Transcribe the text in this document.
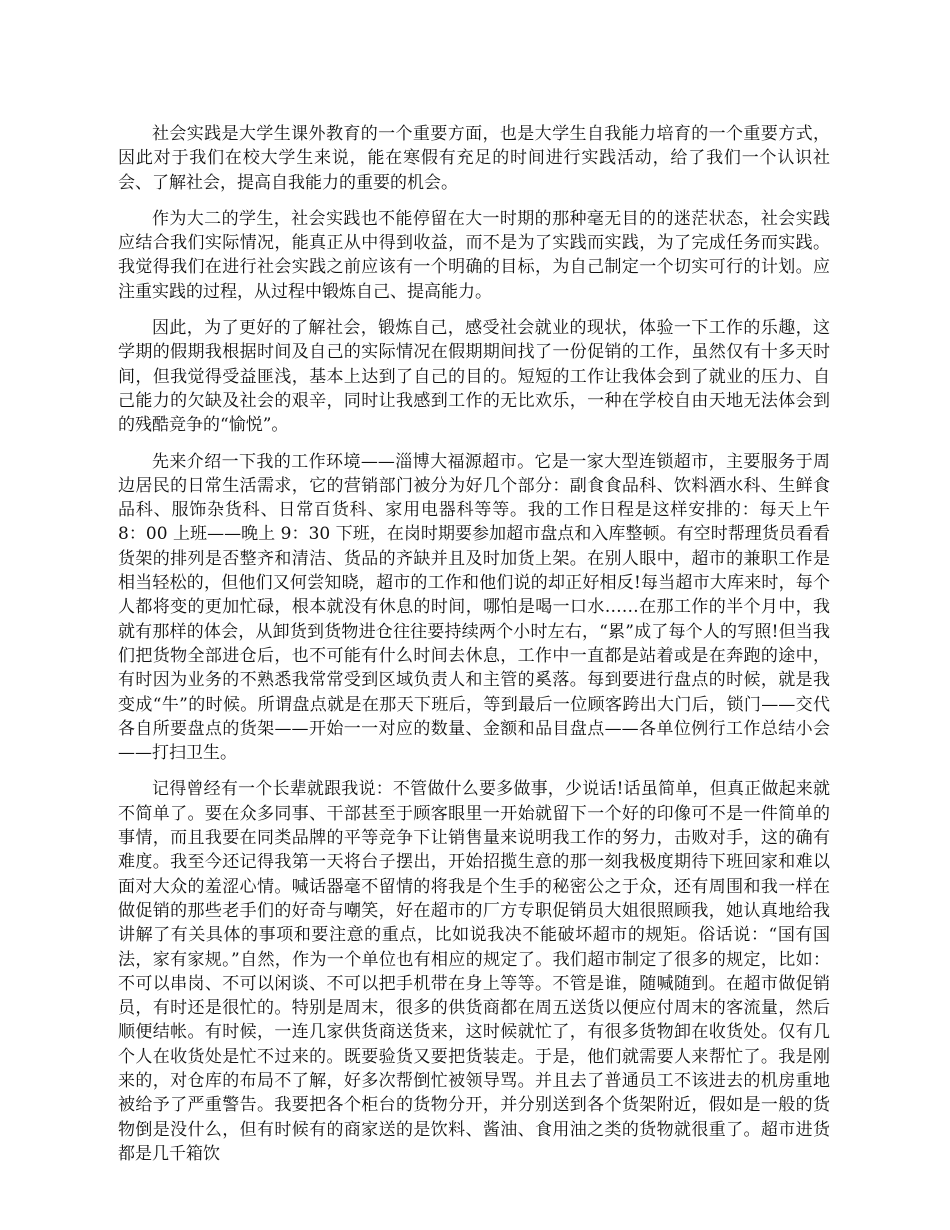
社会实践是大学生课外教育的一个重要方面，也是大学生自我能力培育的一个重要方式，因此对于我们在校大学生来说，能在寒假有充足的时间进行实践活动，给了我们一个认识社会、了解社会，提高自我能力的重要的机会。

作为大二的学生，社会实践也不能停留在大一时期的那种毫无目的的迷茫状态，社会实践应结合我们实际情况，能真正从中得到收益，而不是为了实践而实践，为了完成任务而实践。我觉得我们在进行社会实践之前应该有一个明确的目标，为自己制定一个切实可行的计划。应注重实践的过程，从过程中锻炼自己、提高能力。

因此，为了更好的了解社会，锻炼自己，感受社会就业的现状，体验一下工作的乐趣，这学期的假期我根据时间及自己的实际情况在假期期间找了一份促销的工作，虽然仅有十多天时间，但我觉得受益匪浅，基本上达到了自己的目的。短短的工作让我体会到了就业的压力、自己能力的欠缺及社会的艰辛，同时让我感到工作的无比欢乐，一种在学校自由天地无法体会到的残酷竞争的“愉悦”。

先来介绍一下我的工作环境——淄博大福源超市。它是一家大型连锁超市，主要服务于周边居民的日常生活需求，它的营销部门被分为好几个部分：副食食品科、饮料酒水科、生鲜食品科、服饰杂货科、日常百货科、家用电器科等等。我的工作日程是这样安排的：每天上午 8：00 上班——晚上 9：30 下班，在岗时期要参加超市盘点和入库整顿。有空时帮理货员看看货架的排列是否整齐和清洁、货品的齐缺并且及时加货上架。在别人眼中，超市的兼职工作是相当轻松的，但他们又何尝知晓，超市的工作和他们说的却正好相反!每当超市大库来时，每个人都将变的更加忙碌，根本就没有休息的时间，哪怕是喝一口水……在那工作的半个月中，我就有那样的体会，从卸货到货物进仓往往要持续两个小时左右，“累”成了每个人的写照!但当我们把货物全部进仓后，也不可能有什么时间去休息，工作中一直都是站着或是在奔跑的途中，有时因为业务的不熟悉我常常受到区域负责人和主管的奚落。每到要进行盘点的时候，就是我变成“牛”的时候。所谓盘点就是在那天下班后，等到最后一位顾客跨出大门后，锁门——交代各自所要盘点的货架——开始一一对应的数量、金额和品目盘点——各单位例行工作总结小会——打扫卫生。

记得曾经有一个长辈就跟我说：不管做什么要多做事，少说话!话虽简单，但真正做起来就不简单了。要在众多同事、干部甚至于顾客眼里一开始就留下一个好的印像可不是一件简单的事情，而且我要在同类品牌的平等竞争下让销售量来说明我工作的努力，击败对手，这的确有难度。我至今还记得我第一天将台子摆出，开始招揽生意的那一刻我极度期待下班回家和难以面对大众的羞涩心情。喊话器毫不留情的将我是个生手的秘密公之于众，还有周围和我一样在做促销的那些老手们的好奇与嘲笑，好在超市的厂方专职促销员大姐很照顾我，她认真地给我讲解了有关具体的事项和要注意的重点，比如说我决不能破坏超市的规矩。俗话说：“国有国法，家有家规。”自然，作为一个单位也有相应的规定了。我们超市制定了很多的规定，比如：不可以串岗、不可以闲谈、不可以把手机带在身上等等。不管是谁，随喊随到。在超市做促销员，有时还是很忙的。特别是周末，很多的供货商都在周五送货以便应付周末的客流量，然后顺便结帐。有时候，一连几家供货商送货来，这时候就忙了，有很多货物卸在收货处。仅有几个人在收货处是忙不过来的。既要验货又要把货装走。于是，他们就需要人来帮忙了。我是刚来的，对仓库的布局不了解，好多次帮倒忙被领导骂。并且去了普通员工不该进去的机房重地被给予了严重警告。我要把各个柜台的货物分开，并分别送到各个货架附近，假如是一般的货物倒是没什么，但有时候有的商家送的是饮料、酱油、食用油之类的货物就很重了。超市进货都是几千箱饮
